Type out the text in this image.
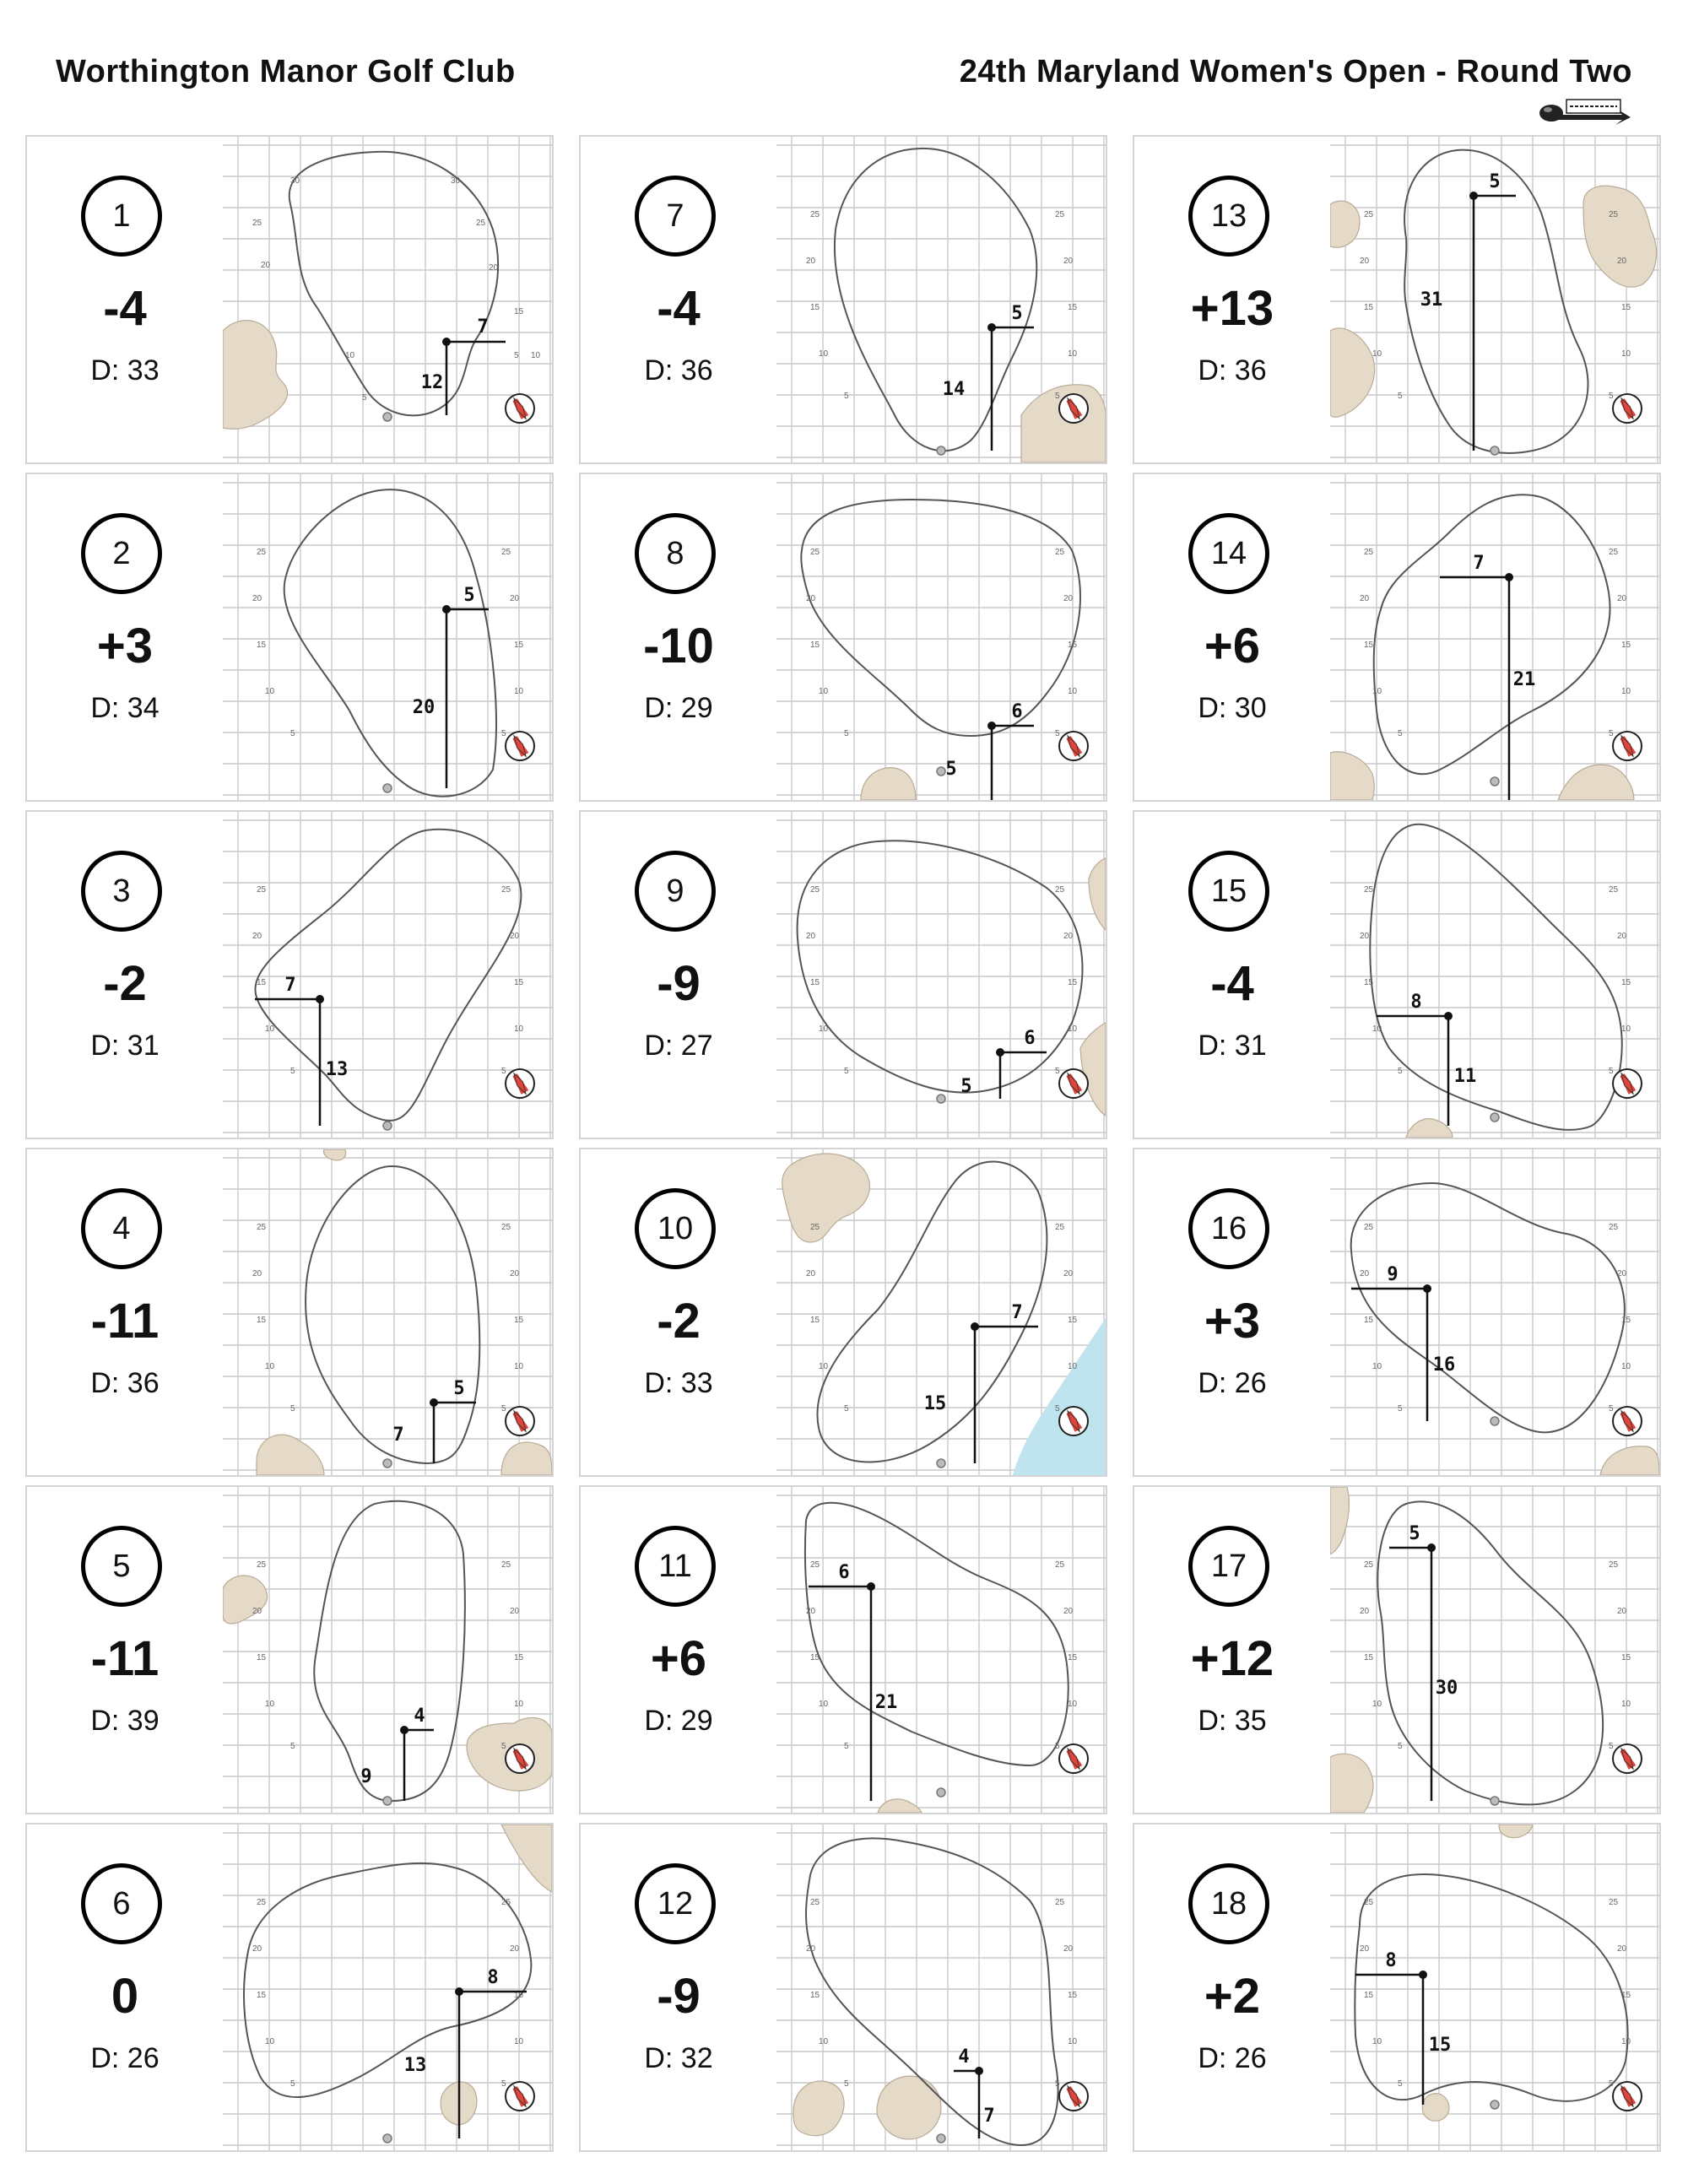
Worthington Manor Golf Club	24th Maryland Women's Open - Round Two
1
-4
D: 33
30
25
20
30
25
20
15
10
5
5 10
7
12
2
+3
D: 34
25
20
15
10
5
25
20
15
10
5
5
20
3
-2
D: 31
25
20
15
10
5
25
20
15
10
5
7
13
4
-11
D: 36
25
20
15
10
5
25
20
15
10
5
5
7
5
-11
D: 39
25
20
15
10
5
25
20
15
10
5
4
9
6
0
D: 26
25
20
15
10
5
25
20
15
10
5
8
13
7
-4
D: 36
25
20
15
10
5
25
20
15
10
5
5
14
8
-10
D: 29
25
20
15
10
5
25
20
15
10
5
6
5
9
-9
D: 27
25
20
15
10
5
25
20
15
10
5
6
5
10
-2
D: 33
25
20
15
10
5
25
20
15
10
5
7
15
11
+6
D: 29
25
20
15
10
5
25
20
15
10
5
6
21
12
-9
D: 32
25
20
15
10
5
25
20
15
10
5
4
7
13
+13
D: 36
25
20
15
10
5
25
20
15
10
5
5
31
14
+6
D: 30
25
20
15
10
5
25
20
15
10
5
7
21
15
-4
D: 31
25
20
15
10
5
25
20
15
10
5
8
11
16
+3
D: 26
25
20
15
10
5
25
20
15
10
5
9
16
17
+12
D: 35
25
20
15
10
5
25
20
15
10
5
5
30
18
+2
D: 26
25
20
15
10
5
25
20
15
10
5
8
15
